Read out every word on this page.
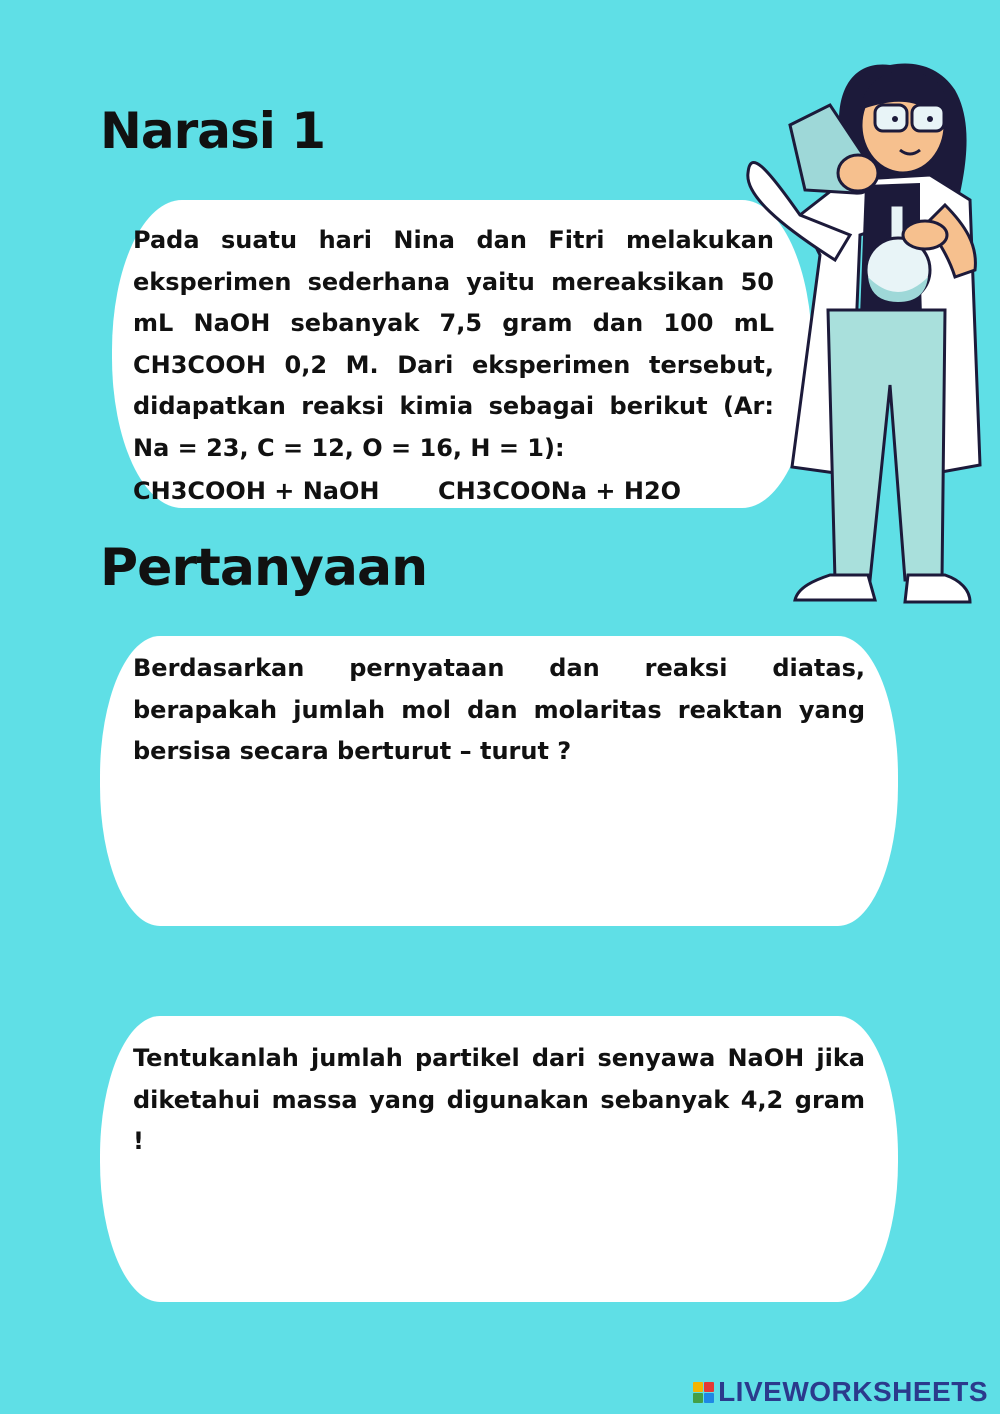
Narasi 1

Pada suatu hari Nina dan Fitri melakukan eksperimen sederhana yaitu mereaksikan 50 mL NaOH sebanyak 7,5 gram dan 100 mL CH3COOH 0,2 M. Dari eksperimen tersebut, didapatkan reaksi kimia sebagai berikut (Ar: Na = 23, C = 12, O = 16, H = 1):

CH3COOH + NaOH       CH3COONa + H2O

Pertanyaan

Berdasarkan pernyataan dan reaksi diatas, berapakah jumlah mol dan molaritas reaktan yang bersisa secara berturut – turut ?

Tentukanlah jumlah partikel dari senyawa NaOH jika diketahui massa yang digunakan sebanyak 4,2 gram !

LIVEWORKSHEETS
